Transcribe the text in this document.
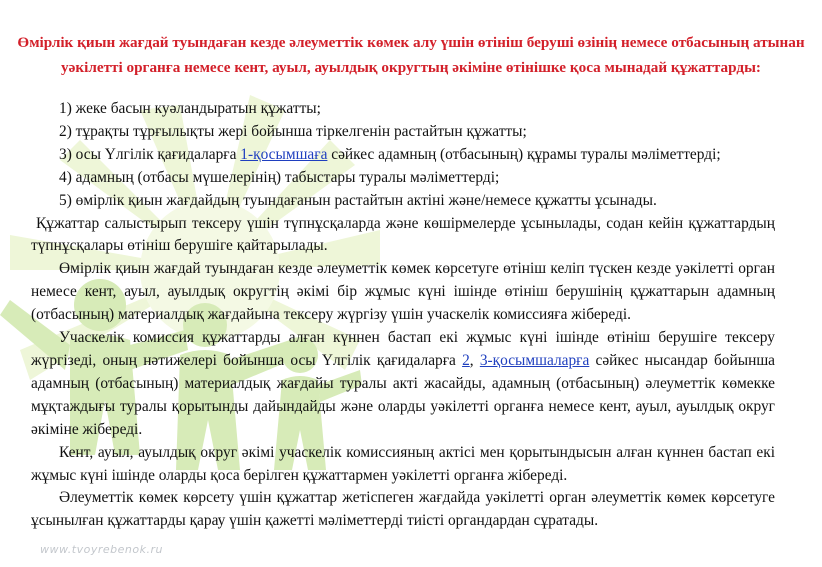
Өмірлік қиын жағдай туындаған кезде әлеуметтік көмек алу үшін өтініш беруші өзінің немесе отбасының атынан уәкілетті органға немесе кент, ауыл, ауылдық округтың әкіміне өтінішке қоса мынадай құжаттарды:

1) жеке басын куәландыратын құжатты;

2) тұрақты тұрғылықты жері бойынша тіркелгенін растайтын құжатты;

3) осы Үлгілік қағидаларға 1-қосымшаға сәйкес адамның (отбасының) құрамы туралы мәліметтерді;

4) адамның (отбасы мүшелерінің) табыстары туралы мәліметтерді;

5) өмірлік қиын жағдайдың туындағанын растайтын актіні және/немесе құжатты ұсынады.

Құжаттар салыстырып тексеру үшін түпнұсқаларда және көшірмелерде ұсынылады, содан кейін құжаттардың түпнұсқалары өтініш берушіге қайтарылады.

Өмірлік қиын жағдай туындаған кезде әлеуметтік көмек көрсетуге өтініш келіп түскен кезде уәкілетті орган немесе кент, ауыл, ауылдық округтің әкімі бір жұмыс күні ішінде өтініш берушінің құжаттарын адамның (отбасының) материалдық жағдайына тексеру жүргізу үшін учаскелік комиссияға жібереді.

Учаскелік комиссия құжаттарды алған күннен бастап екі жұмыс күні ішінде өтініш берушіге тексеру жүргізеді, оның нәтижелері бойынша осы Үлгілік қағидаларға 2, 3-қосымшаларға сәйкес нысандар бойынша адамның (отбасының) материалдық жағдайы туралы акті жасайды, адамның (отбасының) әлеуметтік көмекке мұқтаждығы туралы қорытынды дайындайды және оларды уәкілетті органға немесе кент, ауыл, ауылдық округ әкіміне жібереді.

Кент, ауыл, ауылдық округ әкімі учаскелік комиссияның актісі мен қорытындысын алған күннен бастап екі жұмыс күні ішінде оларды қоса берілген құжаттармен уәкілетті органға жібереді.

Әлеуметтік көмек көрсету үшін құжаттар жетіспеген жағдайда уәкілетті орган әлеуметтік көмек көрсетуге ұсынылған құжаттарды қарау үшін қажетті мәліметтерді тиісті органдардан сұратады.

www.tvoyrebenok.ru
